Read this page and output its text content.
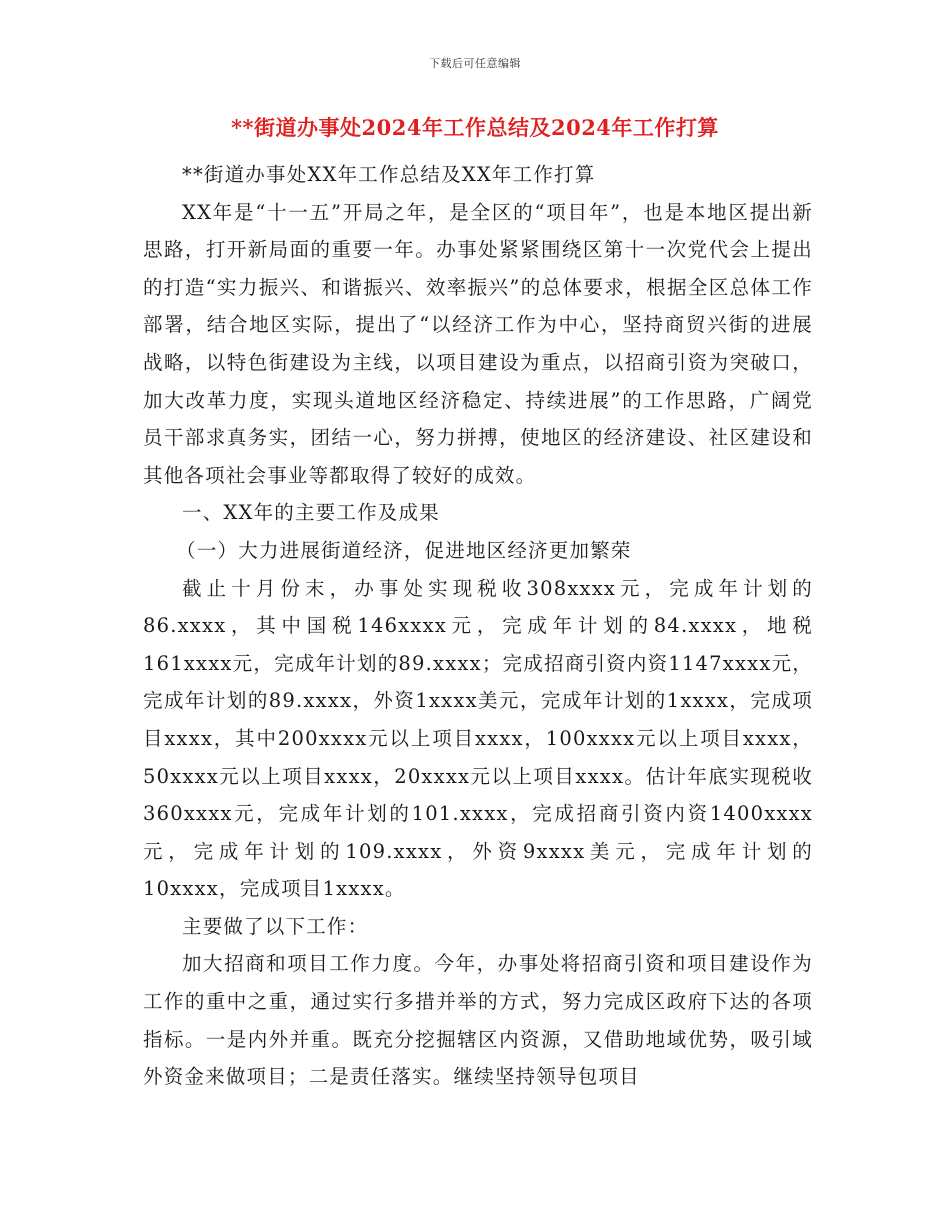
下载后可任意编辑
**街道办事处2024年工作总结及2024年工作打算

**街道办事处XX年工作总结及XX年工作打算

XX年是“十一五”开局之年，是全区的“项目年”，也是本地区提出新思路，打开新局面的重要一年。办事处紧紧围绕区第十一次党代会上提出的打造“实力振兴、和谐振兴、效率振兴”的总体要求，根据全区总体工作部署，结合地区实际，提出了“以经济工作为中心，坚持商贸兴街的进展战略，以特色街建设为主线，以项目建设为重点，以招商引资为突破口，加大改革力度，实现头道地区经济稳定、持续进展”的工作思路，广阔党员干部求真务实，团结一心，努力拼搏，使地区的经济建设、社区建设和其他各项社会事业等都取得了较好的成效。

一、XX年的主要工作及成果

（一）大力进展街道经济，促进地区经济更加繁荣

截止十月份末，办事处实现税收308xxxx元，完成年计划的86.xxxx，其中国税146xxxx元，完成年计划的84.xxxx，地税161xxxx元，完成年计划的89.xxxx；完成招商引资内资1147xxxx元，完成年计划的89.xxxx，外资1xxxx美元，完成年计划的1xxxx，完成项目xxxx，其中200xxxx元以上项目xxxx，100xxxx元以上项目xxxx，50xxxx元以上项目xxxx，20xxxx元以上项目xxxx。估计年底实现税收360xxxx元，完成年计划的101.xxxx，完成招商引资内资1400xxxx元，完成年计划的109.xxxx，外资9xxxx美元，完成年计划的10xxxx，完成项目1xxxx。

主要做了以下工作：

加大招商和项目工作力度。今年，办事处将招商引资和项目建设作为工作的重中之重，通过实行多措并举的方式，努力完成区政府下达的各项指标。一是内外并重。既充分挖掘辖区内资源，又借助地域优势，吸引域外资金来做项目；二是责任落实。继续坚持领导包项目
